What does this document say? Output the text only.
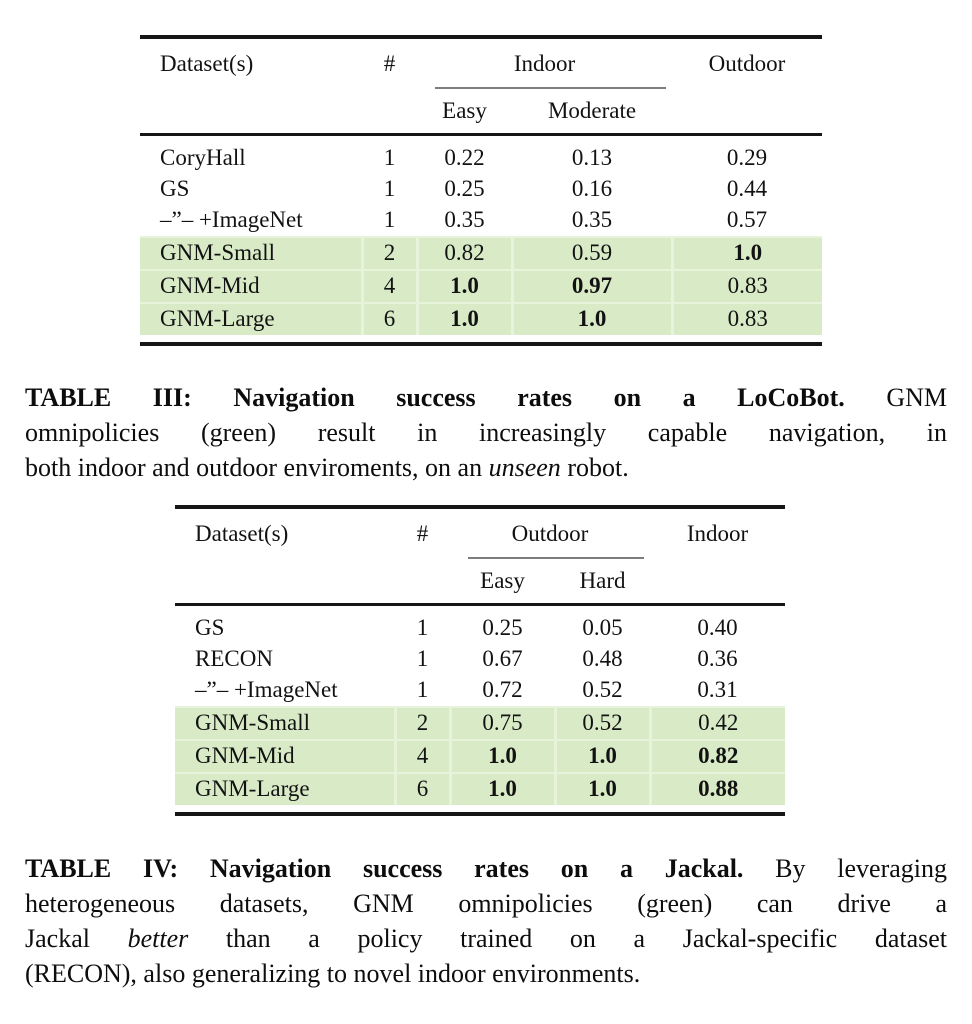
Dataset(s)	#	Indoor		Outdoor
		Easy	Moderate	

CoryHall	1	0.22	0.13	0.29
GS	1	0.25	0.16	0.44
–”– +ImageNet	1	0.35	0.35	0.57
GNM-Small	2	0.82	0.59	1.0
GNM-Mid	4	1.0	0.97	0.83
GNM-Large	6	1.0	1.0	0.83

TABLE III: Navigation success rates on a LoCoBot. GNM
omnipolicies (green) result in increasingly capable navigation, in
both indoor and outdoor enviroments, on an unseen robot.
Dataset(s)	#	Outdoor		Indoor
		Easy	Hard	

GS	1	0.25	0.05	0.40
RECON	1	0.67	0.48	0.36
–”– +ImageNet	1	0.72	0.52	0.31
GNM-Small	2	0.75	0.52	0.42
GNM-Mid	4	1.0	1.0	0.82
GNM-Large	6	1.0	1.0	0.88

TABLE IV: Navigation success rates on a Jackal. By leveraging
heterogeneous datasets, GNM omnipolicies (green) can drive a
Jackal better than a policy trained on a Jackal-specific dataset
(RECON), also generalizing to novel indoor environments.
